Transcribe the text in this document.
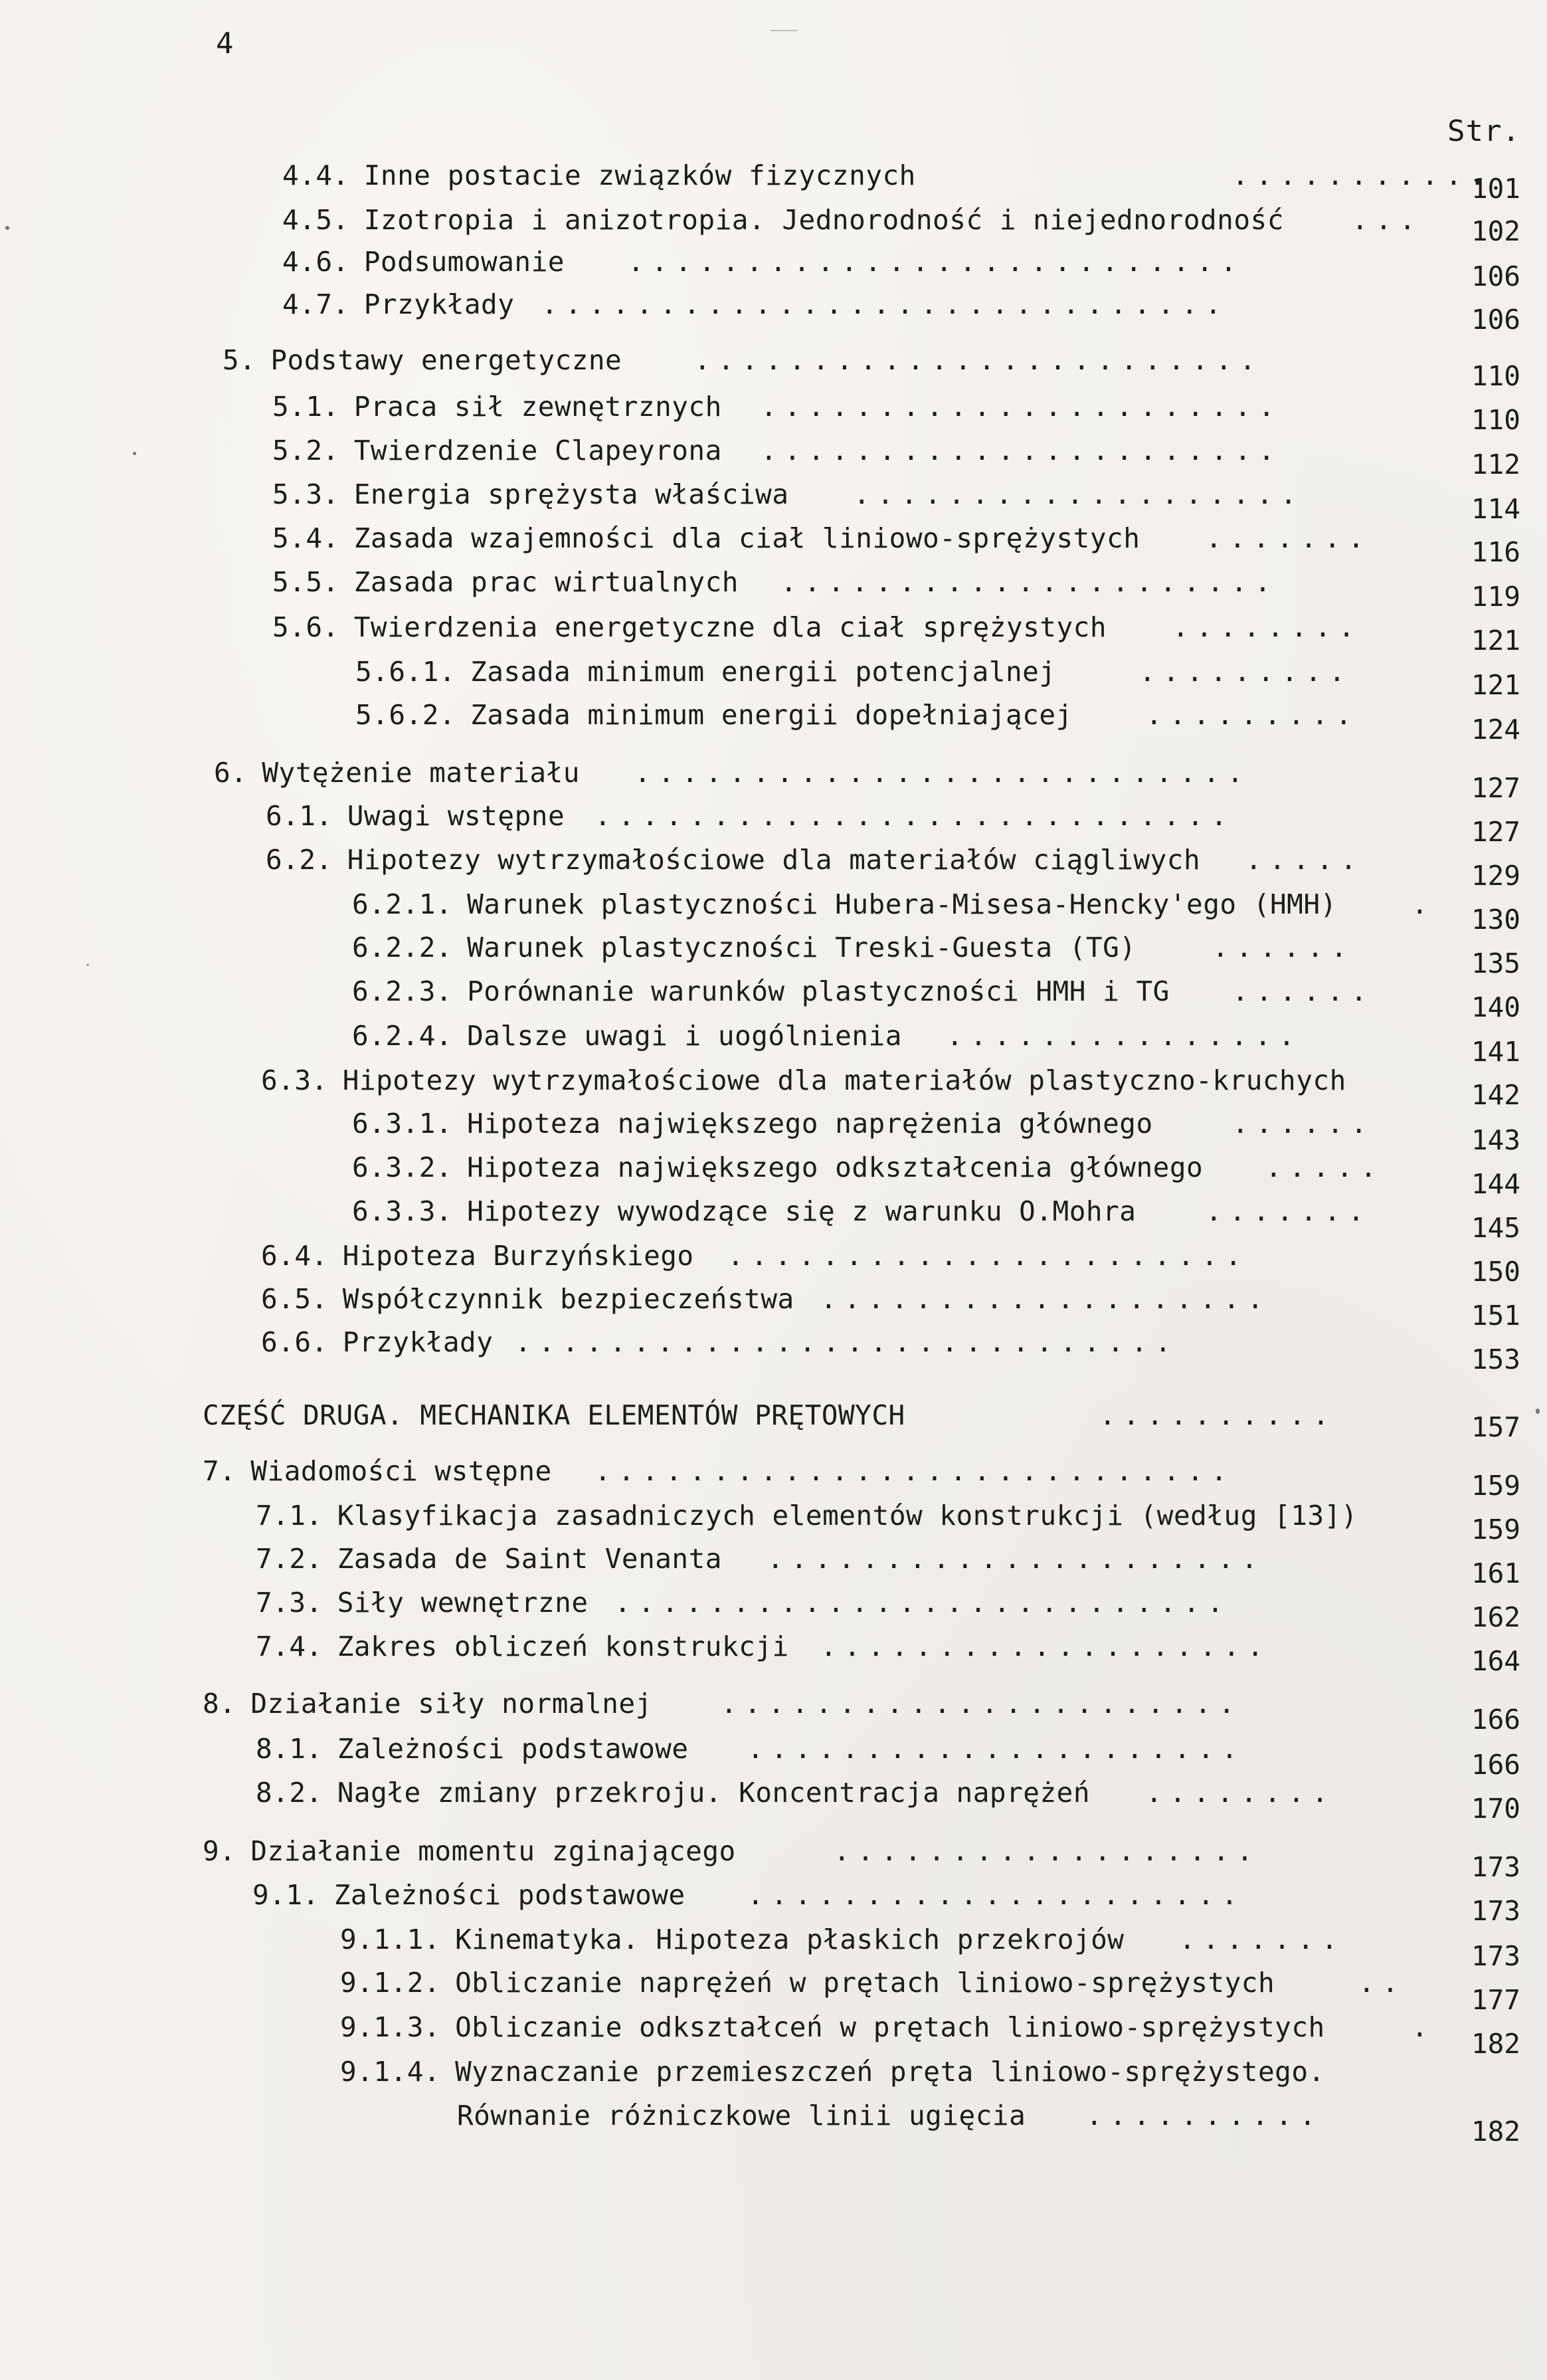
4
Str.
4.4. Inne postacie związków fizycznych	...........
101
4.5. Izotropia i anizotropia. Jednorodność i niejednorodność ...	102
4.6. Podsumowanie ..........................	106
4.7. Przykłady .............................	106
5. Podstawy energetyczne	........................	110
5.1. Praca sił zewnętrznych ......................	110
5.2. Twierdzenie Clapeyrona ......................	112
5.3. Energia sprężysta właściwa ...................	114
5.4. Zasada wzajemności dla ciał liniowo-sprężystych .......	116
5.5. Zasada prac wirtualnych .....................	119
5.6. Twierdzenia energetyczne dla ciał sprężystych ........	121
5.6.1. Zasada minimum energii potencjalnej	.........	121
5.6.2. Zasada minimum energii dopełniającej	.........	124
6. Wytężenie materiału ..........................	127
6.1. Uwagi wstępne ...........................	127
6.2. Hipotezy wytrzymałościowe dla materiałów ciągliwych .....	129
6.2.1. Warunek plastyczności Hubera-Misesa-Hencky'ego (HMH)	.	130
6.2.2. Warunek plastyczności Treski-Guesta (TG)	......	135
6.2.3. Porównanie warunków plastyczności HMH i TG ......	140
6.2.4. Dalsze uwagi i uogólnienia ...............	141
6.3. Hipotezy wytrzymałościowe dla materiałów plastyczno-kruchych	142
6.3.1. Hipoteza największego naprężenia głównego	......
143
6.3.2. Hipoteza największego odkształcenia głównego .....
144
6.3.3. Hipotezy wywodzące się z warunku O.Mohra	.......
145
6.4. Hipoteza Burzyńskiego ......................	150
6.5. Współczynnik bezpieczeństwa ...................
151
6.6. Przykłady ............................
153
CZĘŚĆ DRUGA. MECHANIKA ELEMENTÓW PRĘTOWYCH	..........	157
7. Wiadomości wstępne ...........................	159
7.1. Klasyfikacja zasadniczych elementów konstrukcji (według [13])	159
7.2. Zasada de Saint Venanta .....................	161
7.3. Siły wewnętrzne ..........................	162
7.4. Zakres obliczeń konstrukcji ...................	164
8. Działanie siły normalnej	......................	166
8.1. Zależności podstawowe .....................	166
8.2. Nagłe zmiany przekroju. Koncentracja naprężeń ........	170
9. Działanie momentu zginającego	..................	173
9.1. Zależności podstawowe .....................	173
9.1.1. Kinematyka. Hipoteza płaskich przekrojów .......
173
9.1.2. Obliczanie naprężeń w prętach liniowo-sprężystych	..
177
9.1.3. Obliczanie odkształceń w prętach liniowo-sprężystych	.
182
9.1.4. Wyznaczanie przemieszczeń pręta liniowo-sprężystego.
Równanie różniczkowe linii ugięcia ..........	182
